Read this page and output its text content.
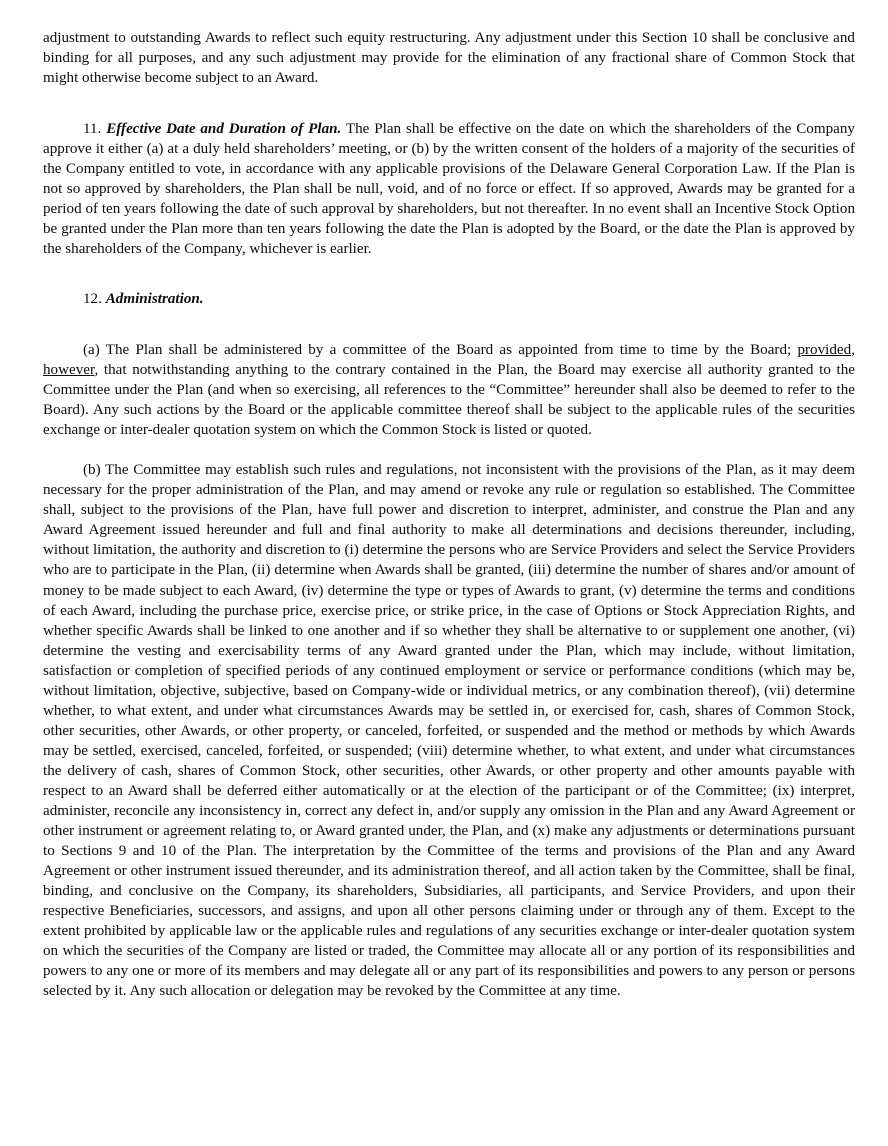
adjustment to outstanding Awards to reflect such equity restructuring. Any adjustment under this Section 10 shall be conclusive and binding for all purposes, and any such adjustment may provide for the elimination of any fractional share of Common Stock that might otherwise become subject to an Award.

11. Effective Date and Duration of Plan. The Plan shall be effective on the date on which the shareholders of the Company approve it either (a) at a duly held shareholders’ meeting, or (b) by the written consent of the holders of a majority of the securities of the Company entitled to vote, in accordance with any applicable provisions of the Delaware General Corporation Law. If the Plan is not so approved by shareholders, the Plan shall be null, void, and of no force or effect. If so approved, Awards may be granted for a period of ten years following the date of such approval by shareholders, but not thereafter. In no event shall an Incentive Stock Option be granted under the Plan more than ten years following the date the Plan is adopted by the Board, or the date the Plan is approved by the shareholders of the Company, whichever is earlier.

12. Administration.

(a) The Plan shall be administered by a committee of the Board as appointed from time to time by the Board; provided, however, that notwithstanding anything to the contrary contained in the Plan, the Board may exercise all authority granted to the Committee under the Plan (and when so exercising, all references to the “Committee” hereunder shall also be deemed to refer to the Board). Any such actions by the Board or the applicable committee thereof shall be subject to the applicable rules of the securities exchange or inter-dealer quotation system on which the Common Stock is listed or quoted.

(b) The Committee may establish such rules and regulations, not inconsistent with the provisions of the Plan, as it may deem necessary for the proper administration of the Plan, and may amend or revoke any rule or regulation so established. The Committee shall, subject to the provisions of the Plan, have full power and discretion to interpret, administer, and construe the Plan and any Award Agreement issued hereunder and full and final authority to make all determinations and decisions thereunder, including, without limitation, the authority and discretion to (i) determine the persons who are Service Providers and select the Service Providers who are to participate in the Plan, (ii) determine when Awards shall be granted, (iii) determine the number of shares and/or amount of money to be made subject to each Award, (iv) determine the type or types of Awards to grant, (v) determine the terms and conditions of each Award, including the purchase price, exercise price, or strike price, in the case of Options or Stock Appreciation Rights, and whether specific Awards shall be linked to one another and if so whether they shall be alternative to or supplement one another, (vi) determine the vesting and exercisability terms of any Award granted under the Plan, which may include, without limitation, satisfaction or completion of specified periods of any continued employment or service or performance conditions (which may be, without limitation, objective, subjective, based on Company-wide or individual metrics, or any combination thereof), (vii) determine whether, to what extent, and under what circumstances Awards may be settled in, or exercised for, cash, shares of Common Stock, other securities, other Awards, or other property, or canceled, forfeited, or suspended and the method or methods by which Awards may be settled, exercised, canceled, forfeited, or suspended; (viii) determine whether, to what extent, and under what circumstances the delivery of cash, shares of Common Stock, other securities, other Awards, or other property and other amounts payable with respect to an Award shall be deferred either automatically or at the election of the participant or of the Committee; (ix) interpret, administer, reconcile any inconsistency in, correct any defect in, and/or supply any omission in the Plan and any Award Agreement or other instrument or agreement relating to, or Award granted under, the Plan, and (x) make any adjustments or determinations pursuant to Sections 9 and 10 of the Plan. The interpretation by the Committee of the terms and provisions of the Plan and any Award Agreement or other instrument issued thereunder, and its administration thereof, and all action taken by the Committee, shall be final, binding, and conclusive on the Company, its shareholders, Subsidiaries, all participants, and Service Providers, and upon their respective Beneficiaries, successors, and assigns, and upon all other persons claiming under or through any of them. Except to the extent prohibited by applicable law or the applicable rules and regulations of any securities exchange or inter-dealer quotation system on which the securities of the Company are listed or traded, the Committee may allocate all or any portion of its responsibilities and powers to any one or more of its members and may delegate all or any part of its responsibilities and powers to any person or persons selected by it. Any such allocation or delegation may be revoked by the Committee at any time.
